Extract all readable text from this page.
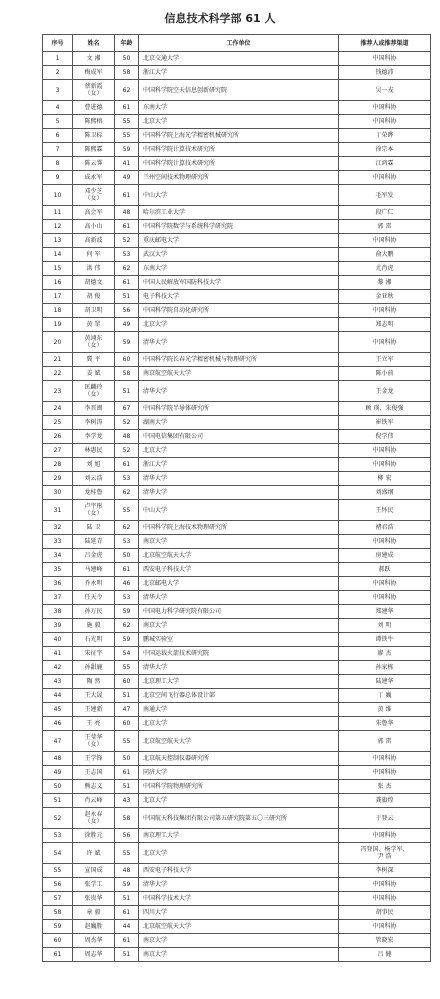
信息技术科学部 61 人
序号	姓名	年龄	工作单位	推荐人或推荐渠道
1	文 湘	50	北京交通大学	中国科协
2	梅成军	58	浙江大学	钱德沛
3	蔡新霞
（女）	62	中国科学院空天信息创新研究院	吴一戎
4	曹进德	61	东南大学	中国科协
5	陈熙榕	55	北京大学	中国科协
6	陈卫标	55	中国科学院上海光学精密机械研究所	丁荣晔
7	陈熙霖	59	中国科学院计算技术研究所	徐宗本
8	陈云霁	41	中国科学院计算技术研究所	江鸿霖
9	成永军	49	兰州空间技术物理研究所	中国科协
10	邓少芝
（女）	61	中山大学	毛军发
11	高会军	48	哈尔滨工业大学	段广仁
12	高小山	61	中国科学院数学与系统科学研究院	郭 雷
13	高新波	52	重庆邮电大学	中国科协
14	何 军	53	武汉大学	俞大鹏
15	洪 伟	62	东南大学	尤肖虎
16	胡德文	61	中国人民解放军国防科技大学	黎 湘
17	胡 俊	51	电子科技大学	金亚秋
18	胡卫明	56	中国科学院自动化研究所	中国科协
19	黄 罡	49	北京大学	郑志明
20	黄翊东
（女）	59	清华大学	中国科协
21	冀 平	60	中国科学院长春光学精密机械与物理研究所	王立军
22	姜 斌	58	南京航空航天大学	陈小前
23	匡麟玲
（女）	51	清华大学	王金龙
24	李晋闽	67	中国科学院半导体研究所	顾 瑛、朱俊强
25	李树涛	52	湖南大学	崔铁军
26	李学龙	48	中国电信集团有限公司	倪学伟
27	林惠民	52	北京大学	中国科协
28	刘 旭	61	浙江大学	中国科协
29	刘云浩	53	清华大学	柳 宏
30	龙桂鲁	62	清华大学	刘盛纲
31	卢宇彤
（女）	55	中山大学	王怀民
32	陆 卫	62	中国科学院上海技术物理研究所	褚君浩
33	陆延青	53	南京大学	中国科协
34	吕金虎	50	北京航空航天大学	房建成
35	马建峰	61	西安电子科技大学	郝跃
36	乔永明	46	北京邮电大学	中国科协
37	任天令	53	清华大学	中国科协
38	孙万民	59	中国电力科学研究院有限公司	郑建华
39	施 毅	62	南京大学	刘 明
40	石光明	59	鹏城实验室	谭铁牛
41	宋征宇	54	中国运载火箭技术研究院	廖 杰
42	孙甜鹿	55	清华大学	孙家栋
43	陶 然	60	北京理工大学	陆建华
44	王大晟	51	北京空间飞行器总体设计部	丁 巍
45	王建新	47	南通大学	黄 维
46	王 亮	60	北京大学	朱鲁华
47	王莹华
（女）	55	北京航空航天大学	郭 雷
48	王学锋	50	北京航天控制仪器研究所	中国科协
49	王志国	61	同济大学	中国科协
50	熊志义	51	中国科学院物理研究所	张 杰
51	肖云峰	43	北京大学	龚旗煌
52	赵永春
（女）	58	中国航天科技集团有限公司第五研究院第五〇三研究所	于登云
53	徐胜元	56	南京理工大学	中国科协
54	许 斌	55	北京大学	冯登国、杨学军、
尹 浩
55	宣国成	48	西安电子科技大学	李树深
56	张学工	59	清华大学	中国科协
57	张贵华	51	中国科学技术大学	中国科协
58	章 毅	61	四川大学	胡事民
59	赵巍胜	44	北京航空航天大学	中国科协
60	周杰华	61	南京大学	管晓宏
61	周志华	51	南京大学	吕 健
